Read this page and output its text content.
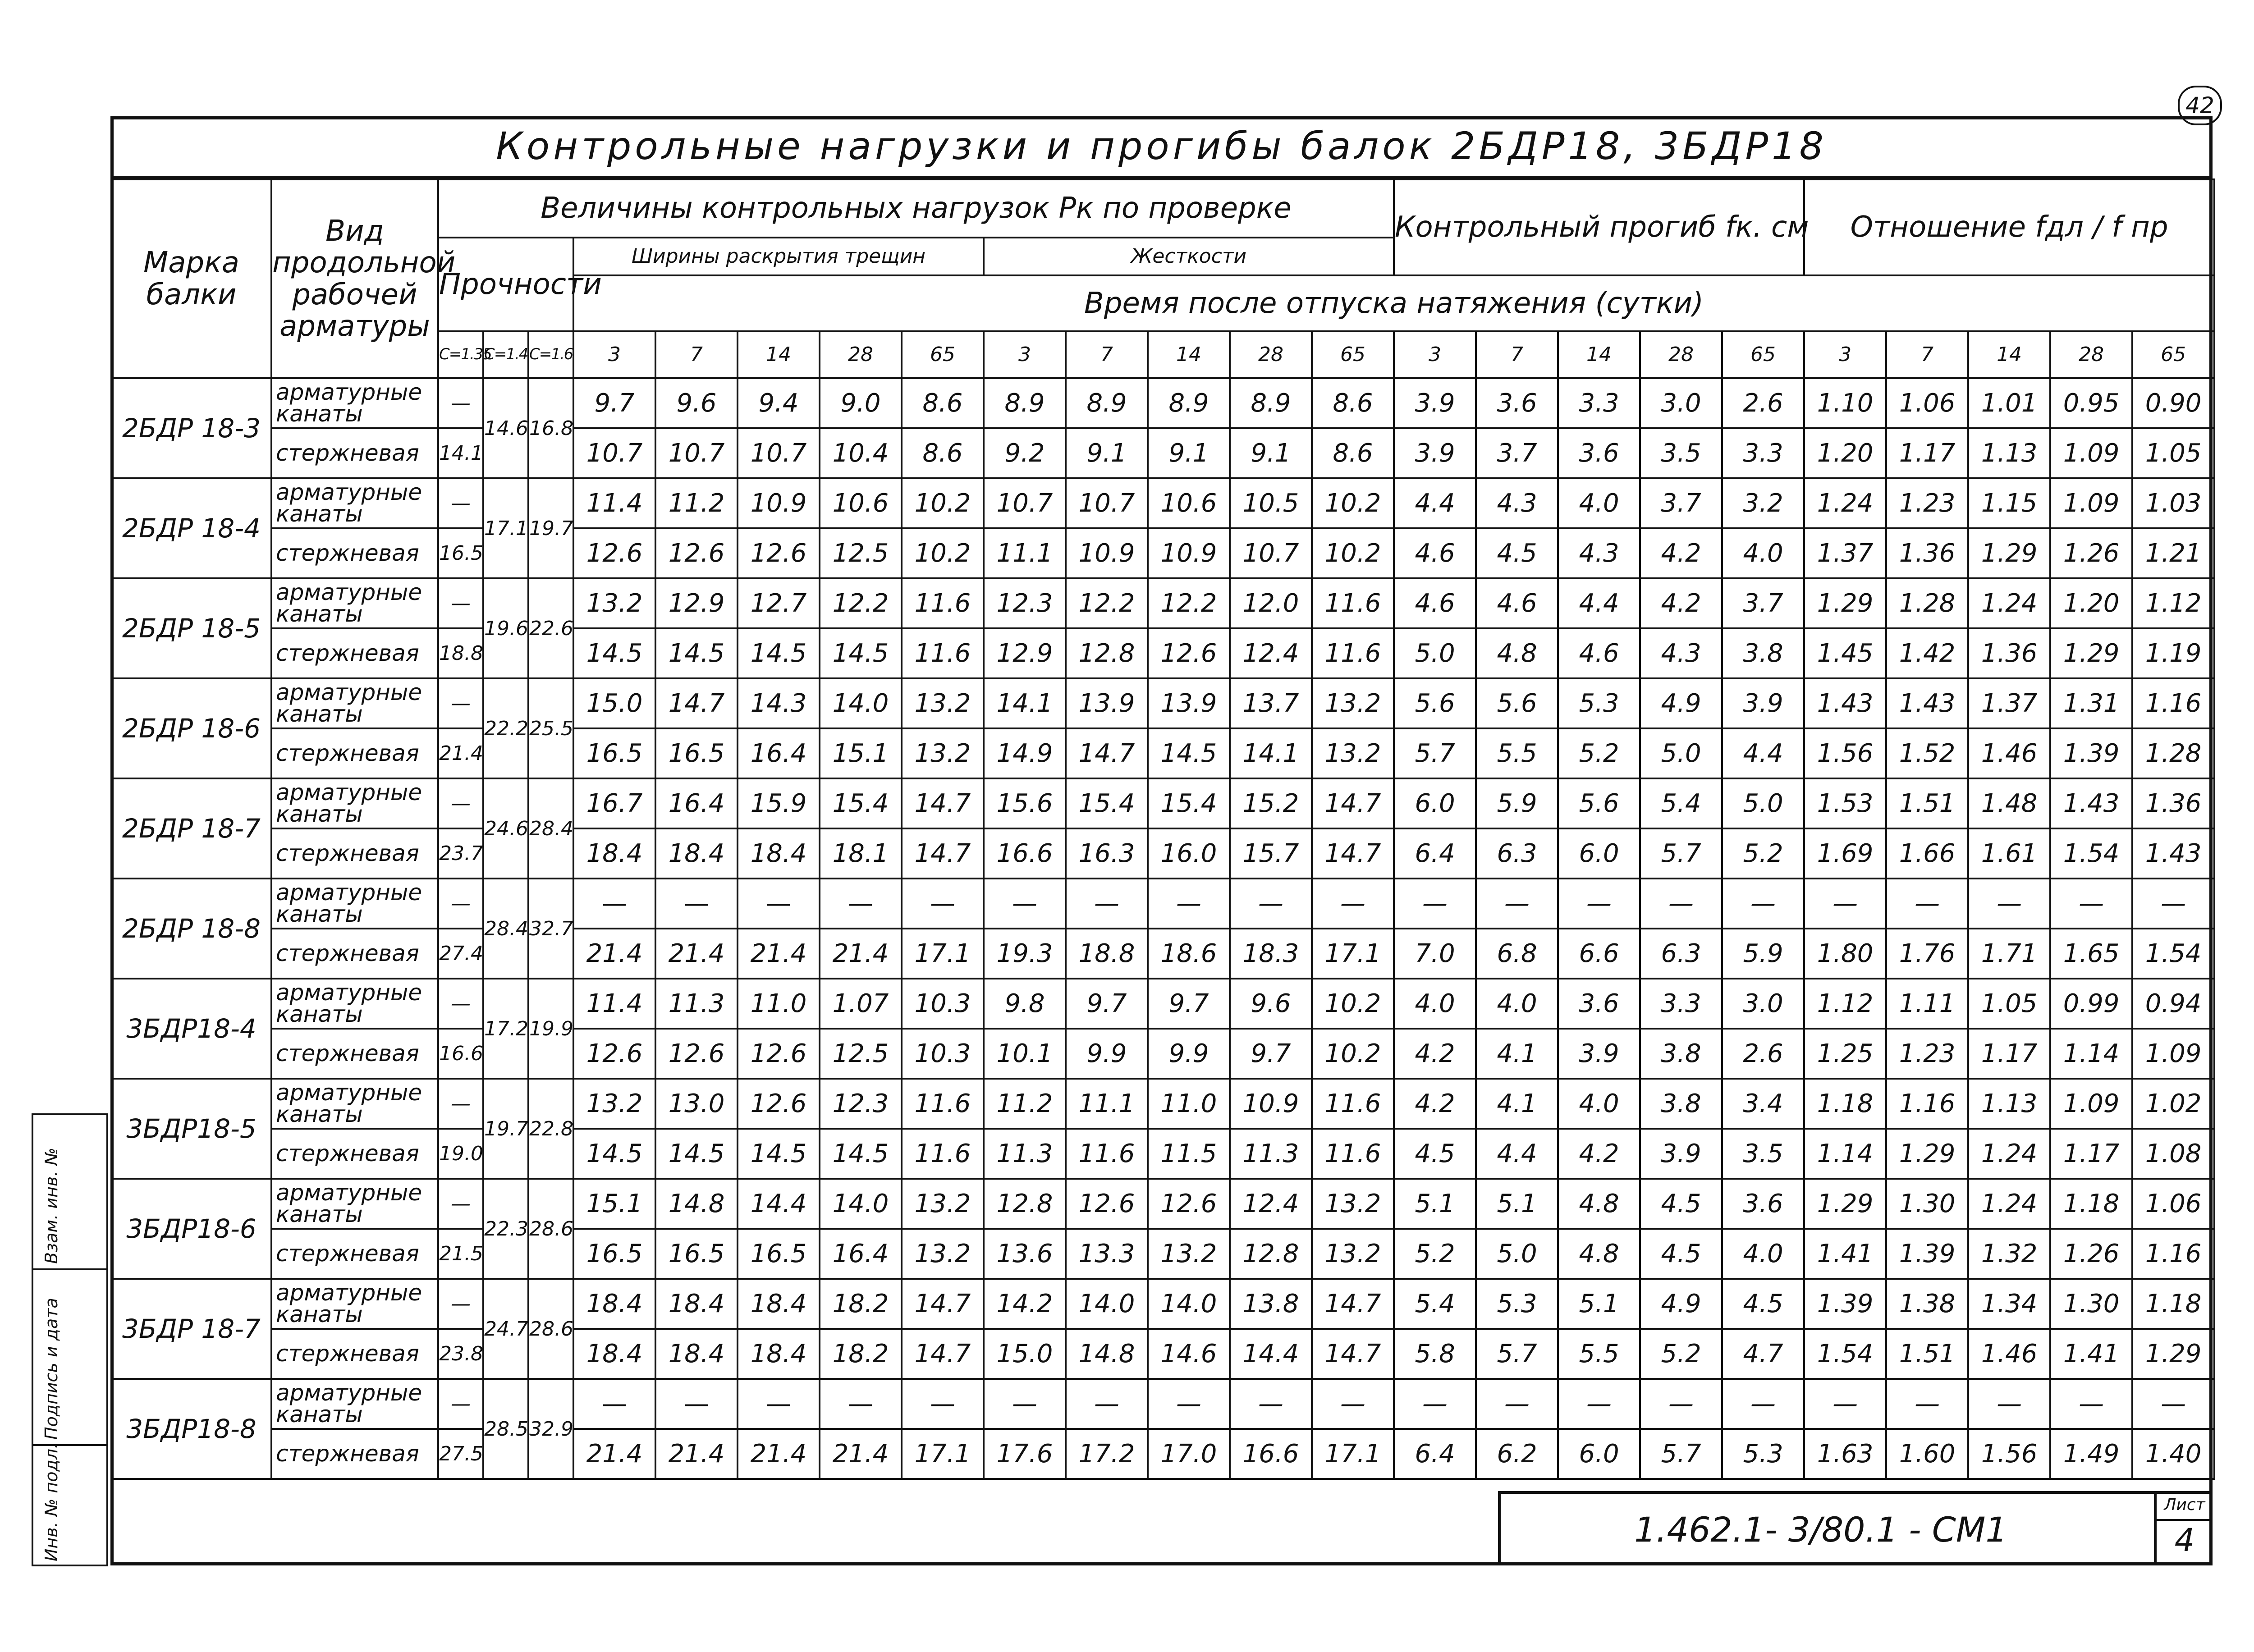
42
Контрольные нагрузки и прогибы балок 2БДР18, 3БДР18
Марка балки	Вид продольной рабочей арматуры	Величины контрольных нагрузок Pк по проверке													Контрольный прогиб fк. см					Отношение fдл / f пр				
		Прочности			Ширины раскрытия трещин					Жесткости														
					Время после отпуска натяжения (сутки)																			
		C=1.35	C=1.4	C=1.6	3	7	14	28	65	3	7	14	28	65	3	7	14	28	65	3	7	14	28	65
2БДР 18-3	арматурные канаты	—	14.6	16.8	9.7	9.6	9.4	9.0	8.6	8.9	8.9	8.9	8.9	8.6	3.9	3.6	3.3	3.0	2.6	1.10	1.06	1.01	0.95	0.90
	стержневая	14.1			10.7	10.7	10.7	10.4	8.6	9.2	9.1	9.1	9.1	8.6	3.9	3.7	3.6	3.5	3.3	1.20	1.17	1.13	1.09	1.05
2БДР 18-4	арматурные канаты	—	17.1	19.7	11.4	11.2	10.9	10.6	10.2	10.7	10.7	10.6	10.5	10.2	4.4	4.3	4.0	3.7	3.2	1.24	1.23	1.15	1.09	1.03
	стержневая	16.5			12.6	12.6	12.6	12.5	10.2	11.1	10.9	10.9	10.7	10.2	4.6	4.5	4.3	4.2	4.0	1.37	1.36	1.29	1.26	1.21
2БДР 18-5	арматурные канаты	—	19.6	22.6	13.2	12.9	12.7	12.2	11.6	12.3	12.2	12.2	12.0	11.6	4.6	4.6	4.4	4.2	3.7	1.29	1.28	1.24	1.20	1.12
	стержневая	18.8			14.5	14.5	14.5	14.5	11.6	12.9	12.8	12.6	12.4	11.6	5.0	4.8	4.6	4.3	3.8	1.45	1.42	1.36	1.29	1.19
2БДР 18-6	арматурные канаты	—	22.2	25.5	15.0	14.7	14.3	14.0	13.2	14.1	13.9	13.9	13.7	13.2	5.6	5.6	5.3	4.9	3.9	1.43	1.43	1.37	1.31	1.16
	стержневая	21.4			16.5	16.5	16.4	15.1	13.2	14.9	14.7	14.5	14.1	13.2	5.7	5.5	5.2	5.0	4.4	1.56	1.52	1.46	1.39	1.28
2БДР 18-7	арматурные канаты	—	24.6	28.4	16.7	16.4	15.9	15.4	14.7	15.6	15.4	15.4	15.2	14.7	6.0	5.9	5.6	5.4	5.0	1.53	1.51	1.48	1.43	1.36
	стержневая	23.7			18.4	18.4	18.4	18.1	14.7	16.6	16.3	16.0	15.7	14.7	6.4	6.3	6.0	5.7	5.2	1.69	1.66	1.61	1.54	1.43
2БДР 18-8	арматурные канаты	—	28.4	32.7	—	—	—	—	—	—	—	—	—	—	—	—	—	—	—	—	—	—	—	—
	стержневая	27.4			21.4	21.4	21.4	21.4	17.1	19.3	18.8	18.6	18.3	17.1	7.0	6.8	6.6	6.3	5.9	1.80	1.76	1.71	1.65	1.54
3БДР18-4	арматурные канаты	—	17.2	19.9	11.4	11.3	11.0	1.07	10.3	9.8	9.7	9.7	9.6	10.2	4.0	4.0	3.6	3.3	3.0	1.12	1.11	1.05	0.99	0.94
	стержневая	16.6			12.6	12.6	12.6	12.5	10.3	10.1	9.9	9.9	9.7	10.2	4.2	4.1	3.9	3.8	2.6	1.25	1.23	1.17	1.14	1.09
3БДР18-5	арматурные канаты	—	19.7	22.8	13.2	13.0	12.6	12.3	11.6	11.2	11.1	11.0	10.9	11.6	4.2	4.1	4.0	3.8	3.4	1.18	1.16	1.13	1.09	1.02
	стержневая	19.0			14.5	14.5	14.5	14.5	11.6	11.3	11.6	11.5	11.3	11.6	4.5	4.4	4.2	3.9	3.5	1.14	1.29	1.24	1.17	1.08
3БДР18-6	арматурные канаты	—	22.3	28.6	15.1	14.8	14.4	14.0	13.2	12.8	12.6	12.6	12.4	13.2	5.1	5.1	4.8	4.5	3.6	1.29	1.30	1.24	1.18	1.06
	стержневая	21.5			16.5	16.5	16.5	16.4	13.2	13.6	13.3	13.2	12.8	13.2	5.2	5.0	4.8	4.5	4.0	1.41	1.39	1.32	1.26	1.16
3БДР 18-7	арматурные канаты	—	24.7	28.6	18.4	18.4	18.4	18.2	14.7	14.2	14.0	14.0	13.8	14.7	5.4	5.3	5.1	4.9	4.5	1.39	1.38	1.34	1.30	1.18
	стержневая	23.8			18.4	18.4	18.4	18.2	14.7	15.0	14.8	14.6	14.4	14.7	5.8	5.7	5.5	5.2	4.7	1.54	1.51	1.46	1.41	1.29
3БДР18-8	арматурные канаты	—	28.5	32.9	—	—	—	—	—	—	—	—	—	—	—	—	—	—	—	—	—	—	—	—
	стержневая	27.5			21.4	21.4	21.4	21.4	17.1	17.6	17.2	17.0	16.6	17.1	6.4	6.2	6.0	5.7	5.3	1.63	1.60	1.56	1.49	1.40
Взам. инв. №
Подпись и дата
Инв. № подл.	1.462.1- 3/80.1 - СМ1
Лист
4
